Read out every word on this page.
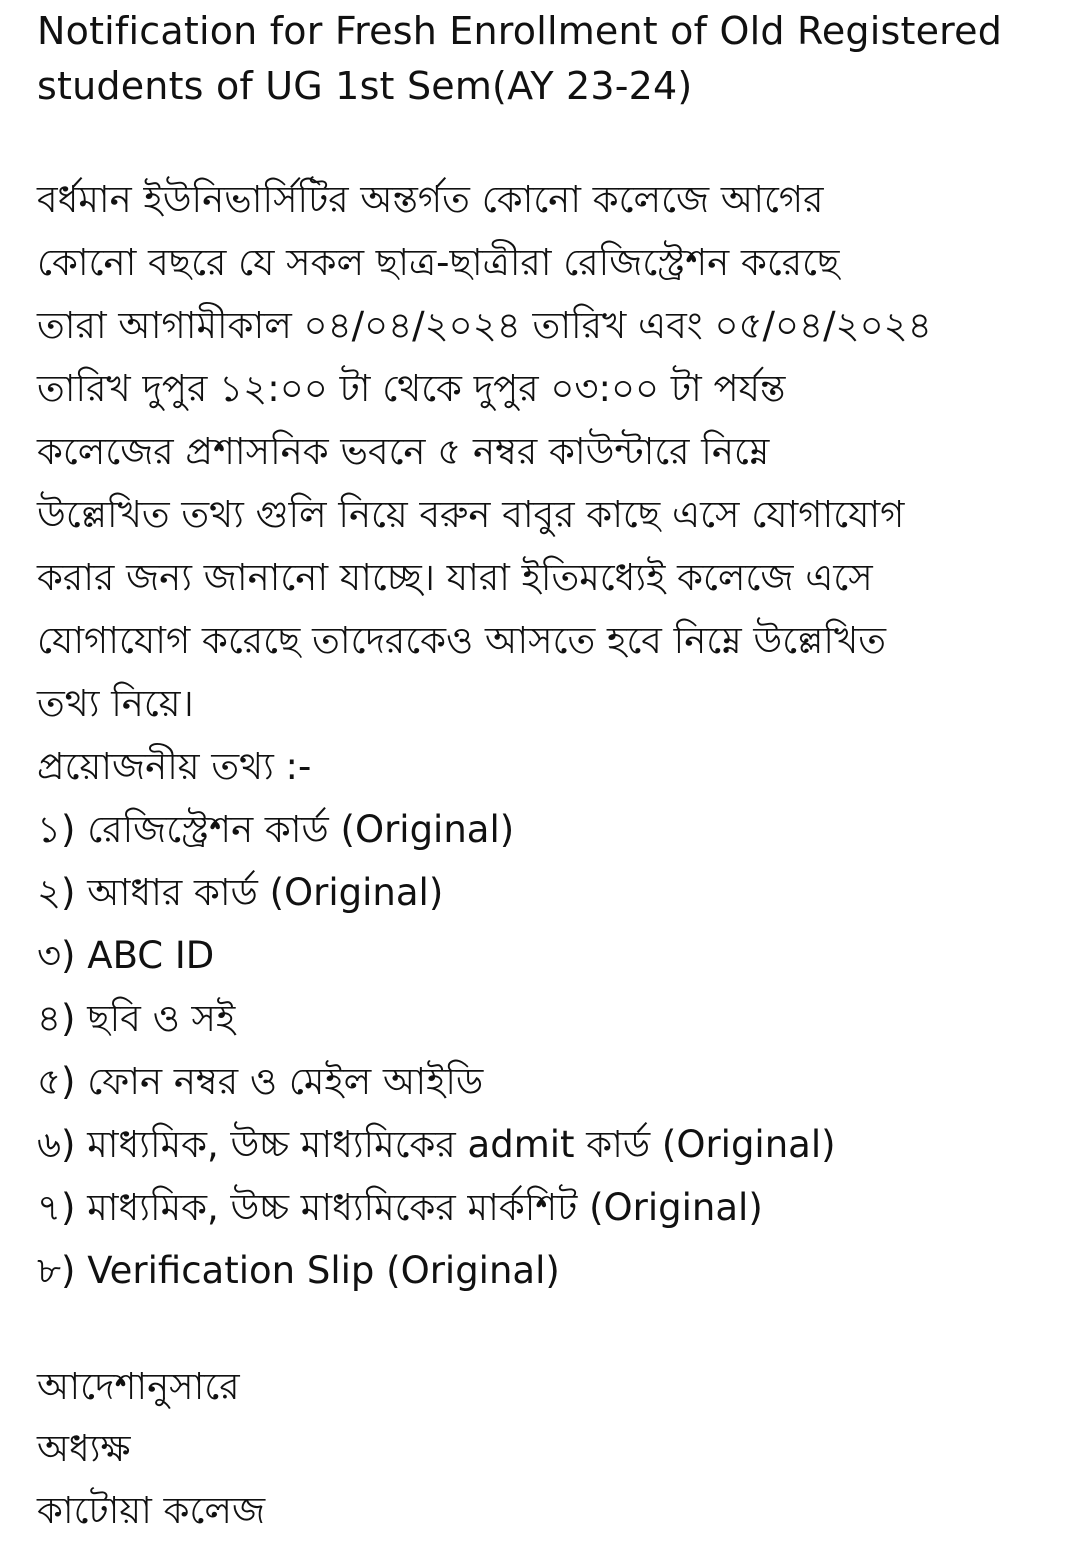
Notification for Fresh Enrollment of Old Registered
students of UG 1st Sem(AY 23-24)
বর্ধমান ইউনিভার্সিটির অন্তর্গত কোনো কলেজে আগের
কোনো বছরে যে সকল ছাত্র-ছাত্রীরা রেজিস্ট্রেশন করেছে
তারা আগামীকাল ০৪/০৪/২০২৪ তারিখ এবং ০৫/০৪/২০২৪
তারিখ দুপুর ১২:০০ টা থেকে দুপুর ০৩:০০ টা পর্যন্ত
কলেজের প্রশাসনিক ভবনে ৫ নম্বর কাউন্টারে নিম্নে
উল্লেখিত তথ্য গুলি নিয়ে বরুন বাবুর কাছে এসে যোগাযোগ
করার জন্য জানানো যাচ্ছে। যারা ইতিমধ্যেই কলেজে এসে
যোগাযোগ করেছে তাদেরকেও আসতে হবে নিম্নে উল্লেখিত
তথ্য নিয়ে।
প্রয়োজনীয় তথ্য :-
১) রেজিস্ট্রেশন কার্ড (Original)
২) আধার কার্ড (Original)
৩) ABC ID
৪) ছবি ও সই
৫) ফোন নম্বর ও মেইল আইডি
৬) মাধ্যমিক, উচ্চ মাধ্যমিকের admit কার্ড (Original)
৭) মাধ্যমিক, উচ্চ মাধ্যমিকের মার্কশিট (Original)
৮) Verification Slip (Original)
আদেশানুসারে
অধ্যক্ষ
কাটোয়া কলেজ
